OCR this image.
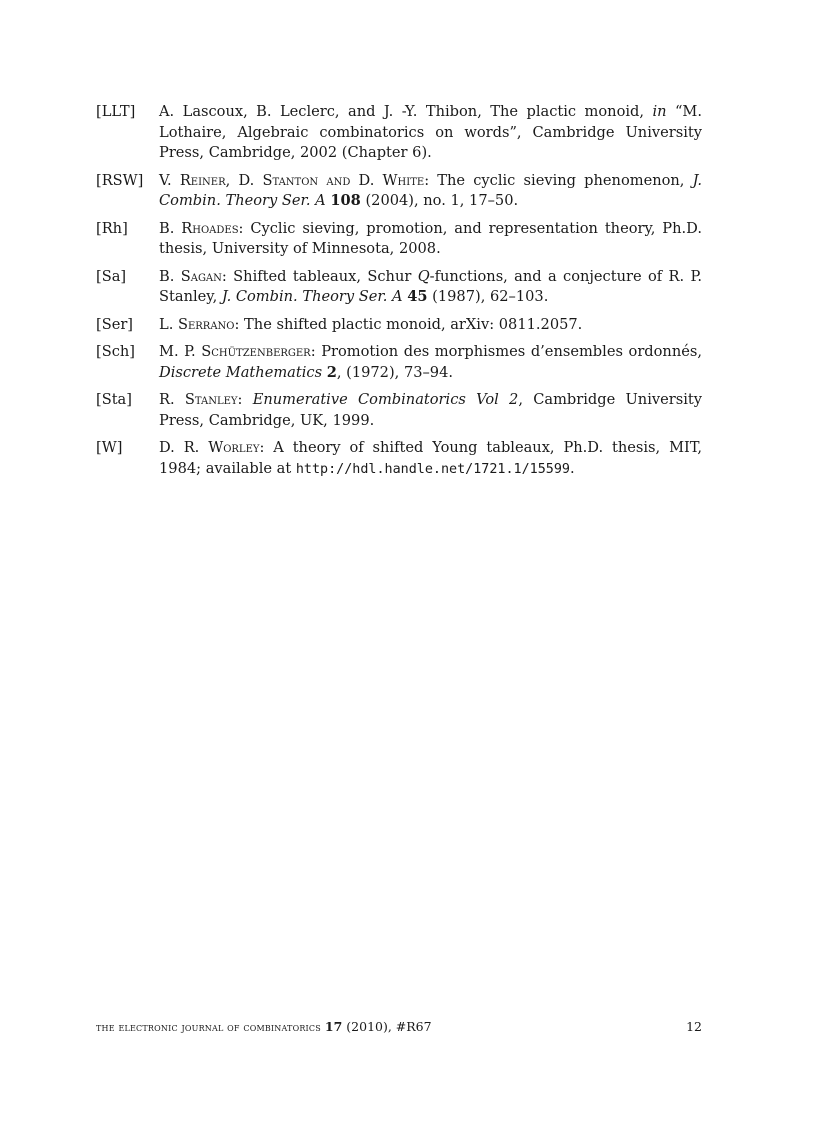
[LLT]	A. Lascoux, B. Leclerc, and J. -Y. Thibon, The plactic monoid, in “M. Lothaire, Algebraic combinatorics on words”, Cambridge University Press, Cambridge, 2002 (Chapter 6).
[RSW]	V. Reiner, D. Stanton and D. White: The cyclic sieving phenomenon, J. Combin. Theory Ser. A 108 (2004), no. 1, 17–50.
[Rh]	B. Rhoades: Cyclic sieving, promotion, and representation theory, Ph.D. thesis, University of Minnesota, 2008.
[Sa]	B. Sagan: Shifted tableaux, Schur Q-functions, and a conjecture of R. P. Stanley, J. Combin. Theory Ser. A 45 (1987), 62–103.
[Ser]	L. Serrano: The shifted plactic monoid, arXiv: 0811.2057.
[Sch]	M. P. Schützenberger: Promotion des morphismes d’ensembles ordonnés, Discrete Mathematics 2, (1972), 73–94.
[Sta]	R. Stanley: Enumerative Combinatorics Vol 2, Cambridge University Press, Cambridge, UK, 1999.
[W]	D. R. Worley: A theory of shifted Young tableaux, Ph.D. thesis, MIT, 1984; available at http://hdl.handle.net/1721.1/15599.
the electronic journal of combinatorics 17 (2010), #R67	12
